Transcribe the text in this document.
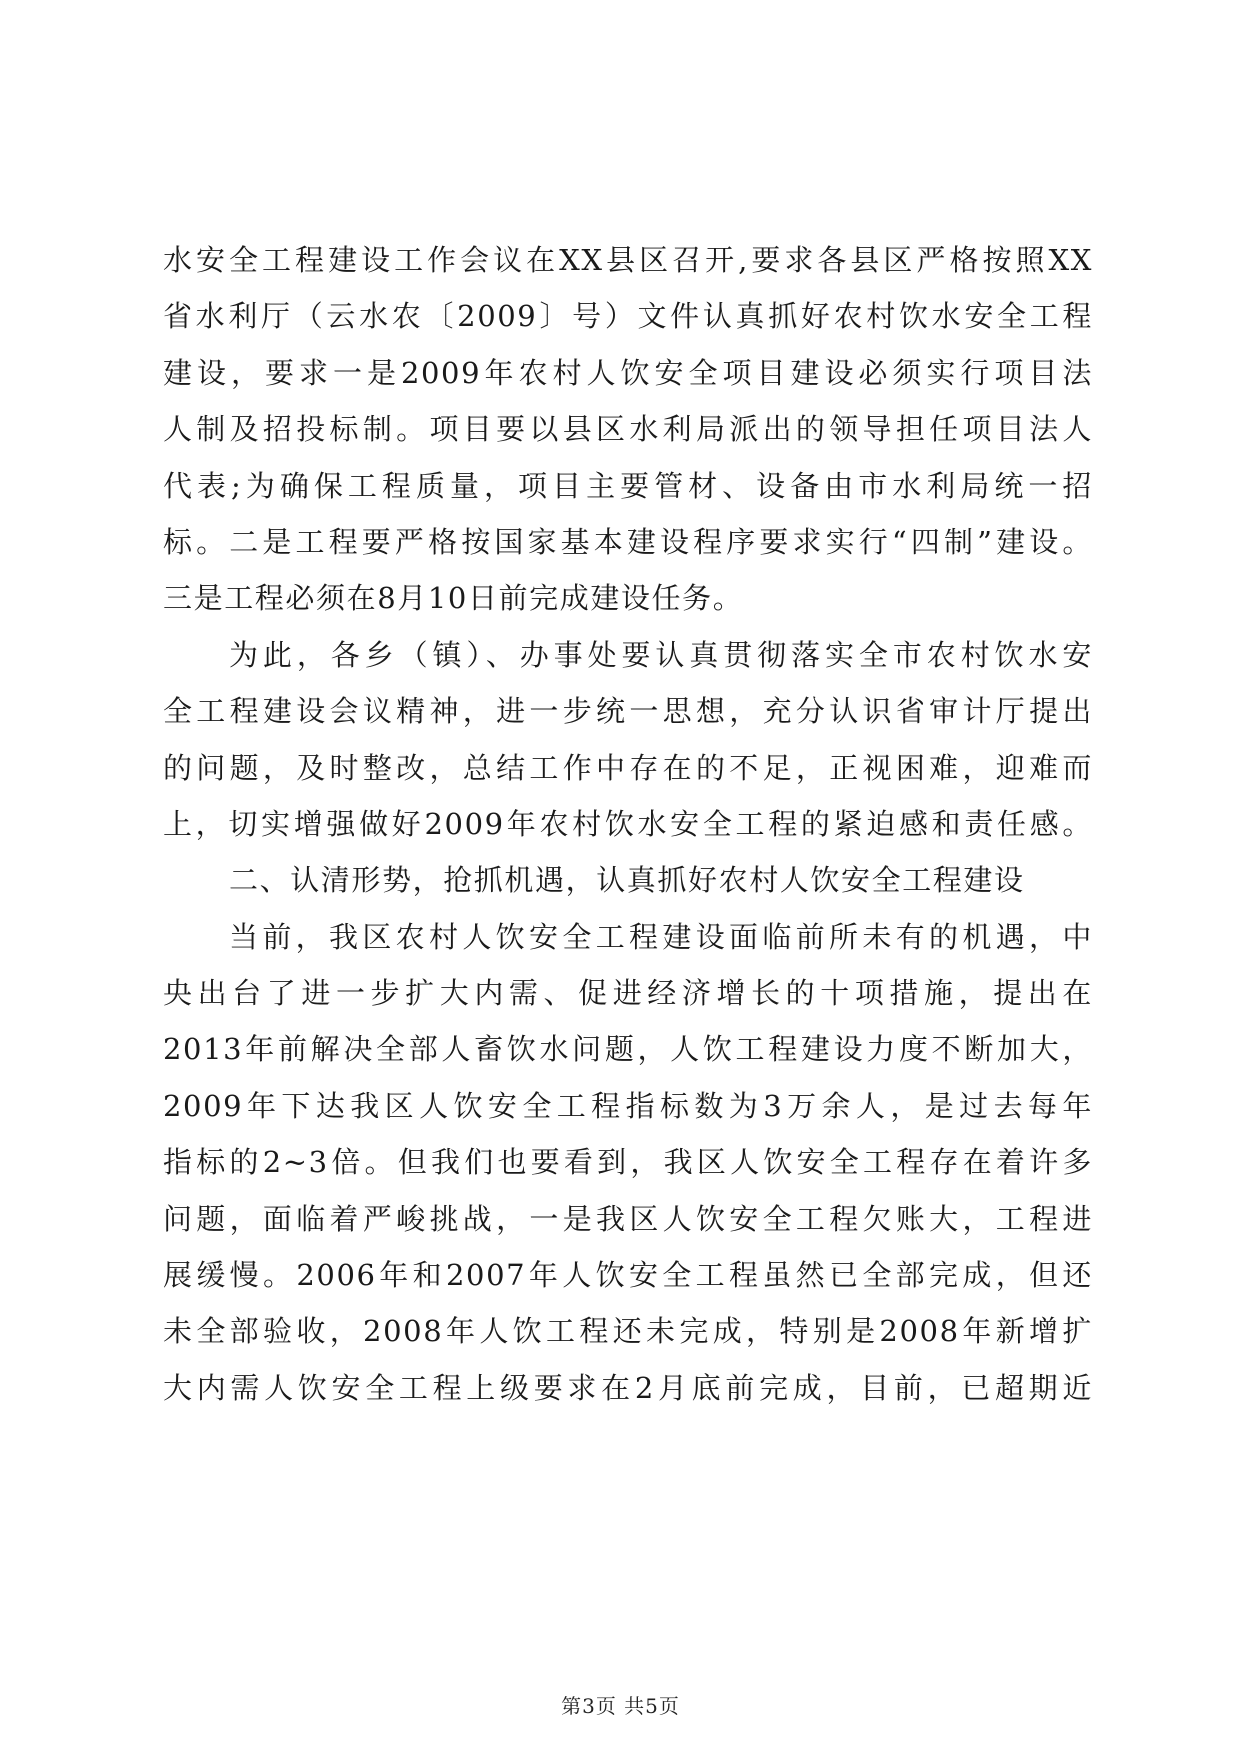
水安全工程建设工作会议在XX县区召开,要求各县区严格按照XX
省水利厅（云水农〔2009〕号）文件认真抓好农村饮水安全工程
建设，要求一是2009年农村人饮安全项目建设必须实行项目法
人制及招投标制。项目要以县区水利局派出的领导担任项目法人
代表;为确保工程质量，项目主要管材、设备由市水利局统一招
标。二是工程要严格按国家基本建设程序要求实行“四制”建设。
三是工程必须在8月10日前完成建设任务。
为此，各乡（镇）、办事处要认真贯彻落实全市农村饮水安
全工程建设会议精神，进一步统一思想，充分认识省审计厅提出
的问题，及时整改，总结工作中存在的不足，正视困难，迎难而
上，切实增强做好2009年农村饮水安全工程的紧迫感和责任感。
二、认清形势，抢抓机遇，认真抓好农村人饮安全工程建设
当前，我区农村人饮安全工程建设面临前所未有的机遇，中
央出台了进一步扩大内需、促进经济增长的十项措施，提出在
2013年前解决全部人畜饮水问题，人饮工程建设力度不断加大，
2009年下达我区人饮安全工程指标数为3万余人，是过去每年
指标的2~3倍。但我们也要看到，我区人饮安全工程存在着许多
问题，面临着严峻挑战，一是我区人饮安全工程欠账大，工程进
展缓慢。2006年和2007年人饮安全工程虽然已全部完成，但还
未全部验收，2008年人饮工程还未完成，特别是2008年新增扩
大内需人饮安全工程上级要求在2月底前完成，目前，已超期近
第3页 共5页
